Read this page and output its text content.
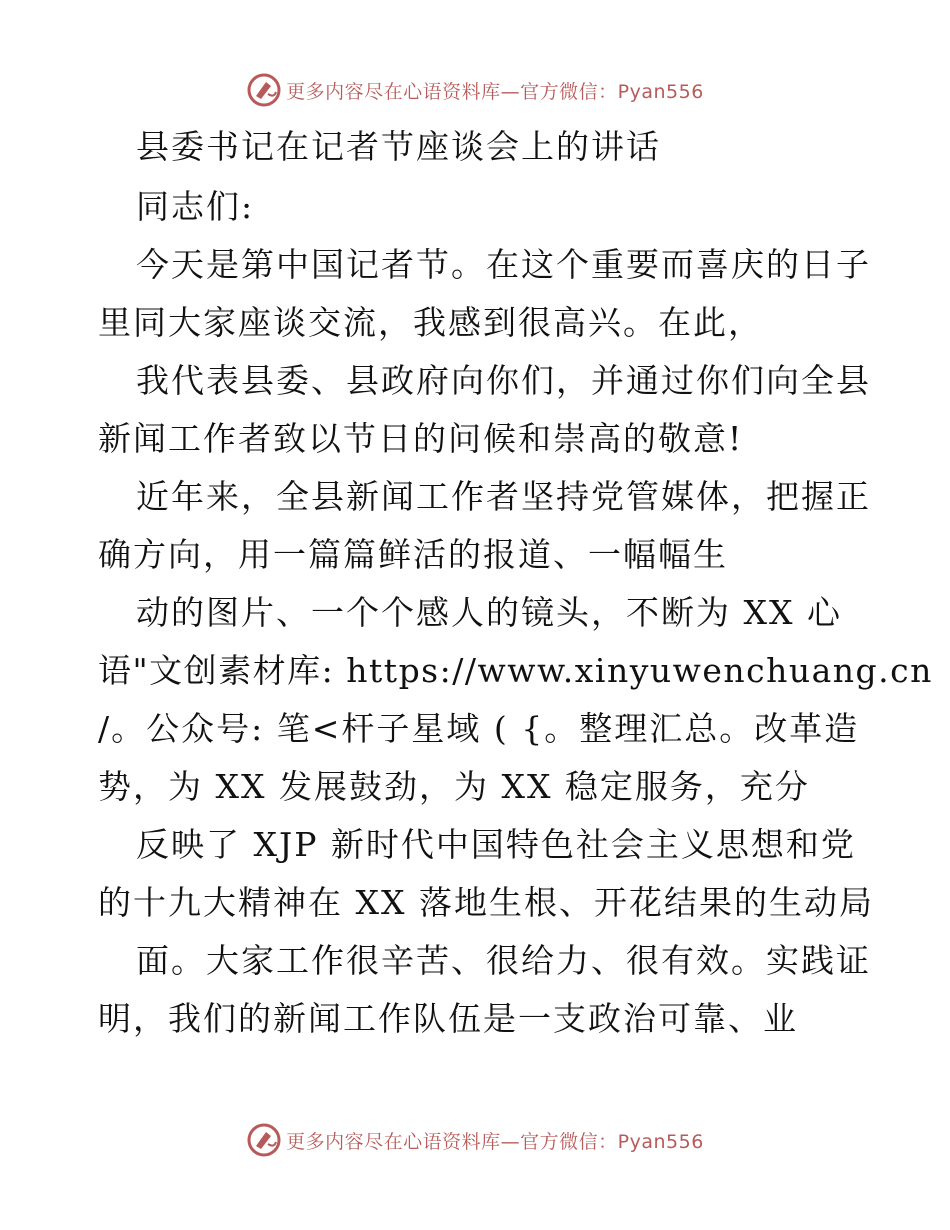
更多内容尽在心语资料库—官方微信：Pyan556
县委书记在记者节座谈会上的讲话
同志们:
今天是第中国记者节。在这个重要而喜庆的日子
里同大家座谈交流，我感到很高兴。在此，
我代表县委、县政府向你们，并通过你们向全县
新闻工作者致以节日的问候和崇高的敬意!
近年来，全县新闻工作者坚持党管媒体，把握正
确方向，用一篇篇鲜活的报道、一幅幅生
动的图片、一个个感人的镜头，不断为 XX 心
语"文创素材库: https://www.xinyuwenchuang.cn
/。公众号: 笔<杆子星域 ( {。整理汇总。改革造
势，为 XX 发展鼓劲，为 XX 稳定服务，充分
反映了 XJP 新时代中国特色社会主义思想和党
的十九大精神在 XX 落地生根、开花结果的生动局
面。大家工作很辛苦、很给力、很有效。实践证
明，我们的新闻工作队伍是一支政治可靠、业
更多内容尽在心语资料库—官方微信：Pyan556
